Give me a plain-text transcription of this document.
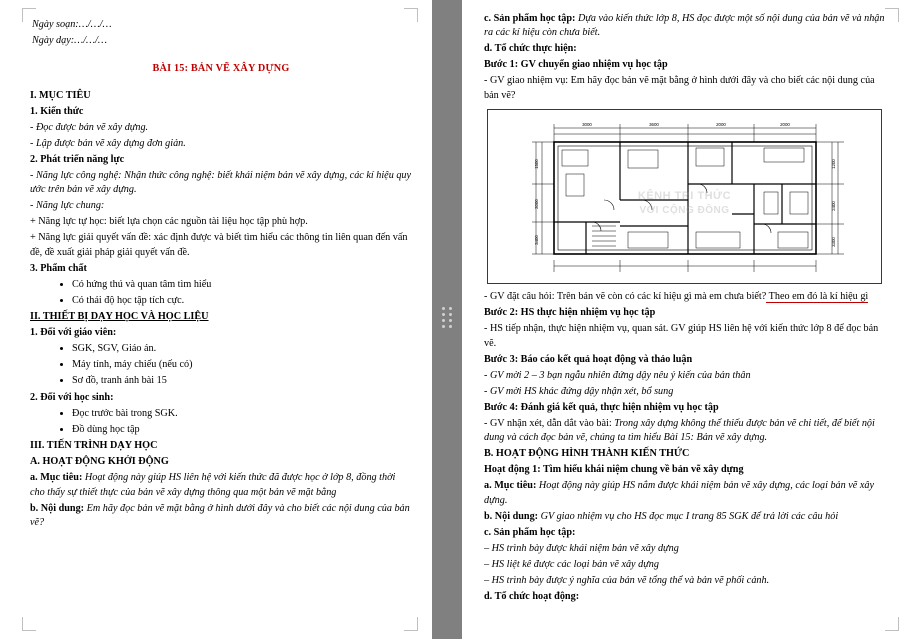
Ngày soạn:…/…/…

Ngày dạy:…/…/…

BÀI 15: BẢN VẼ XÂY DỰNG

I. MỤC TIÊU

1. Kiến thức

- Đọc được bản vẽ xây dựng.

- Lập được bản vẽ xây dựng đơn giản.

2. Phát triển năng lực

- Năng lực công nghệ: Nhận thức công nghệ: biết khái niệm bản vẽ xây dựng, các kí hiệu quy ước trên bản vẽ xây dựng.

- Năng lực chung:

+ Năng lực tự học: biết lựa chọn các nguồn tài liệu học tập phù hợp.

+ Năng lực giải quyết vấn đề: xác định được và biết tìm hiểu các thông tin liên quan đến vấn đề, đề xuất giải pháp giải quyết vấn đề.

3. Phẩm chất

• Có hứng thú và quan tâm tìm hiểu
• Có thái độ học tập tích cực.

II. THIẾT BỊ DẠY HỌC VÀ HỌC LIỆU

1. Đối với giáo viên:

• SGK, SGV, Giáo án.
• Máy tính, máy chiếu (nếu có)
• Sơ đồ, tranh ảnh bài 15

2. Đối với học sinh:

• Đọc trước bài trong SGK.
• Đồ dùng học tập

III. TIẾN TRÌNH DẠY HỌC

A. HOẠT ĐỘNG KHỞI ĐỘNG

a. Mục tiêu: Hoạt động này giúp HS liên hệ với kiến thức đã được học ở lớp 8, đồng thời cho thấy sự thiết thực của bản vẽ xây dựng thông qua một bản vẽ mặt bằng

b. Nội dung: Em hãy đọc bản vẽ mặt bằng ở hình dưới đây và cho biết các nội dung của bản vẽ?

c. Sản phẩm học tập: Dựa vào kiến thức lớp 8, HS đọc được một số nội dung của bản vẽ và nhận ra các kí hiệu còn chưa biết.

d. Tổ chức thực hiện:

Bước 1: GV chuyển giao nhiệm vụ học tập

- GV giao nhiệm vụ: Em hãy đọc bản vẽ mặt bằng ở hình dưới đây và cho biết các nội dung của bản vẽ?

3000	3600	2000	2000
1500
2000
3400
1200
2400
3300
KÊNH TRI THỨC
VỚI CỘNG ĐỒNG

- GV đặt câu hỏi: Trên bản vẽ còn có các kí hiệu gì mà em chưa biết? Theo em đó là kí hiệu gì

Bước 2: HS thực hiện nhiệm vụ học tập

- HS tiếp nhận, thực hiện nhiệm vụ, quan sát. GV giúp HS liên hệ với kiến thức lớp 8 để đọc bản vẽ.

Bước 3: Báo cáo kết quả hoạt động và thảo luận

- GV mời 2 – 3 bạn ngẫu nhiên đứng dậy nêu ý kiến của bản thân

- GV mời HS khác đứng dậy nhận xét, bổ sung

Bước 4: Đánh giá kết quả, thực hiện nhiệm vụ học tập

- GV nhận xét, dẫn dắt vào bài: Trong xây dựng không thể thiếu được bản vẽ chi tiết, để biết nội dung và cách đọc bản vẽ, chúng ta tìm hiểu Bài 15: Bản vẽ xây dựng.

B. HOẠT ĐỘNG HÌNH THÀNH KIẾN THỨC

Hoạt động 1: Tìm hiểu khái niệm chung về bản vẽ xây dựng

a. Mục tiêu: Hoạt động này giúp HS nắm được khái niệm bản vẽ xây dựng, các loại bản vẽ xây dựng.

b. Nội dung: GV giao nhiệm vụ cho HS đọc mục I trang 85 SGK để trả lời các câu hỏi

c. Sản phẩm học tập:

– HS trình bày được khái niệm bản vẽ xây dựng

– HS liệt kê được các loại bản vẽ xây dựng

– HS trình bày được ý nghĩa của bản vẽ tổng thể và bản vẽ phối cảnh.

d. Tổ chức hoạt động:
